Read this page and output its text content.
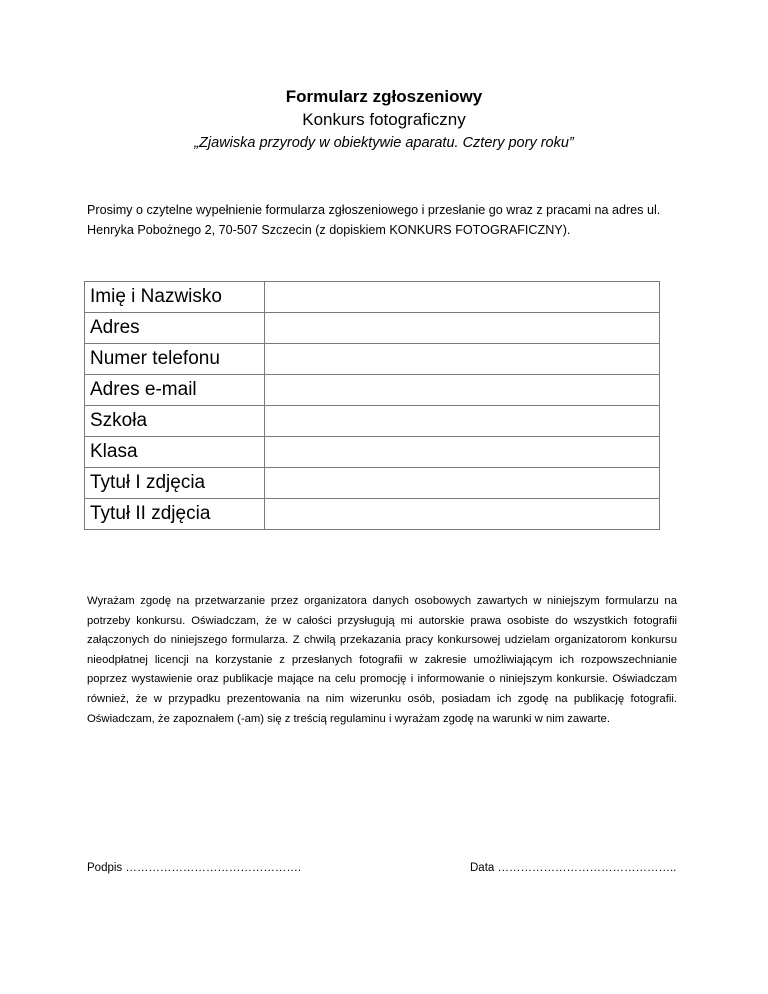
Formularz zgłoszeniowy
Konkurs fotograficzny
„Zjawiska przyrody w obiektywie aparatu. Cztery pory roku”

Prosimy o czytelne wypełnienie formularza zgłoszeniowego i przesłanie go wraz z pracami na adres ul. Henryka Pobożnego 2, 70-507 Szczecin (z dopiskiem KONKURS FOTOGRAFICZNY).

Imię i Nazwisko	
Adres	
Numer telefonu	
Adres e-mail	
Szkoła	
Klasa	
Tytuł I zdjęcia	
Tytuł II zdjęcia	

Wyrażam zgodę na przetwarzanie przez organizatora danych osobowych zawartych w niniejszym formularzu na potrzeby konkursu. Oświadczam, że w całości przysługują mi autorskie prawa osobiste do wszystkich fotografii załączonych do niniejszego formularza. Z chwilą przekazania pracy konkursowej udzielam organizatorom konkursu nieodpłatnej licencji na korzystanie z przesłanych fotografii w zakresie umożliwiającym ich rozpowszechnianie poprzez wystawienie oraz publikacje mające na celu promocję i informowanie o niniejszym konkursie. Oświadczam również, że w przypadku prezentowania na nim wizerunku osób, posiadam ich zgodę na publikację fotografii. Oświadczam, że zapoznałem (-am) się z treścią regulaminu i wyrażam zgodę na warunki w nim zawarte.

Podpis ……………………………………….	Data ………………………………………..
